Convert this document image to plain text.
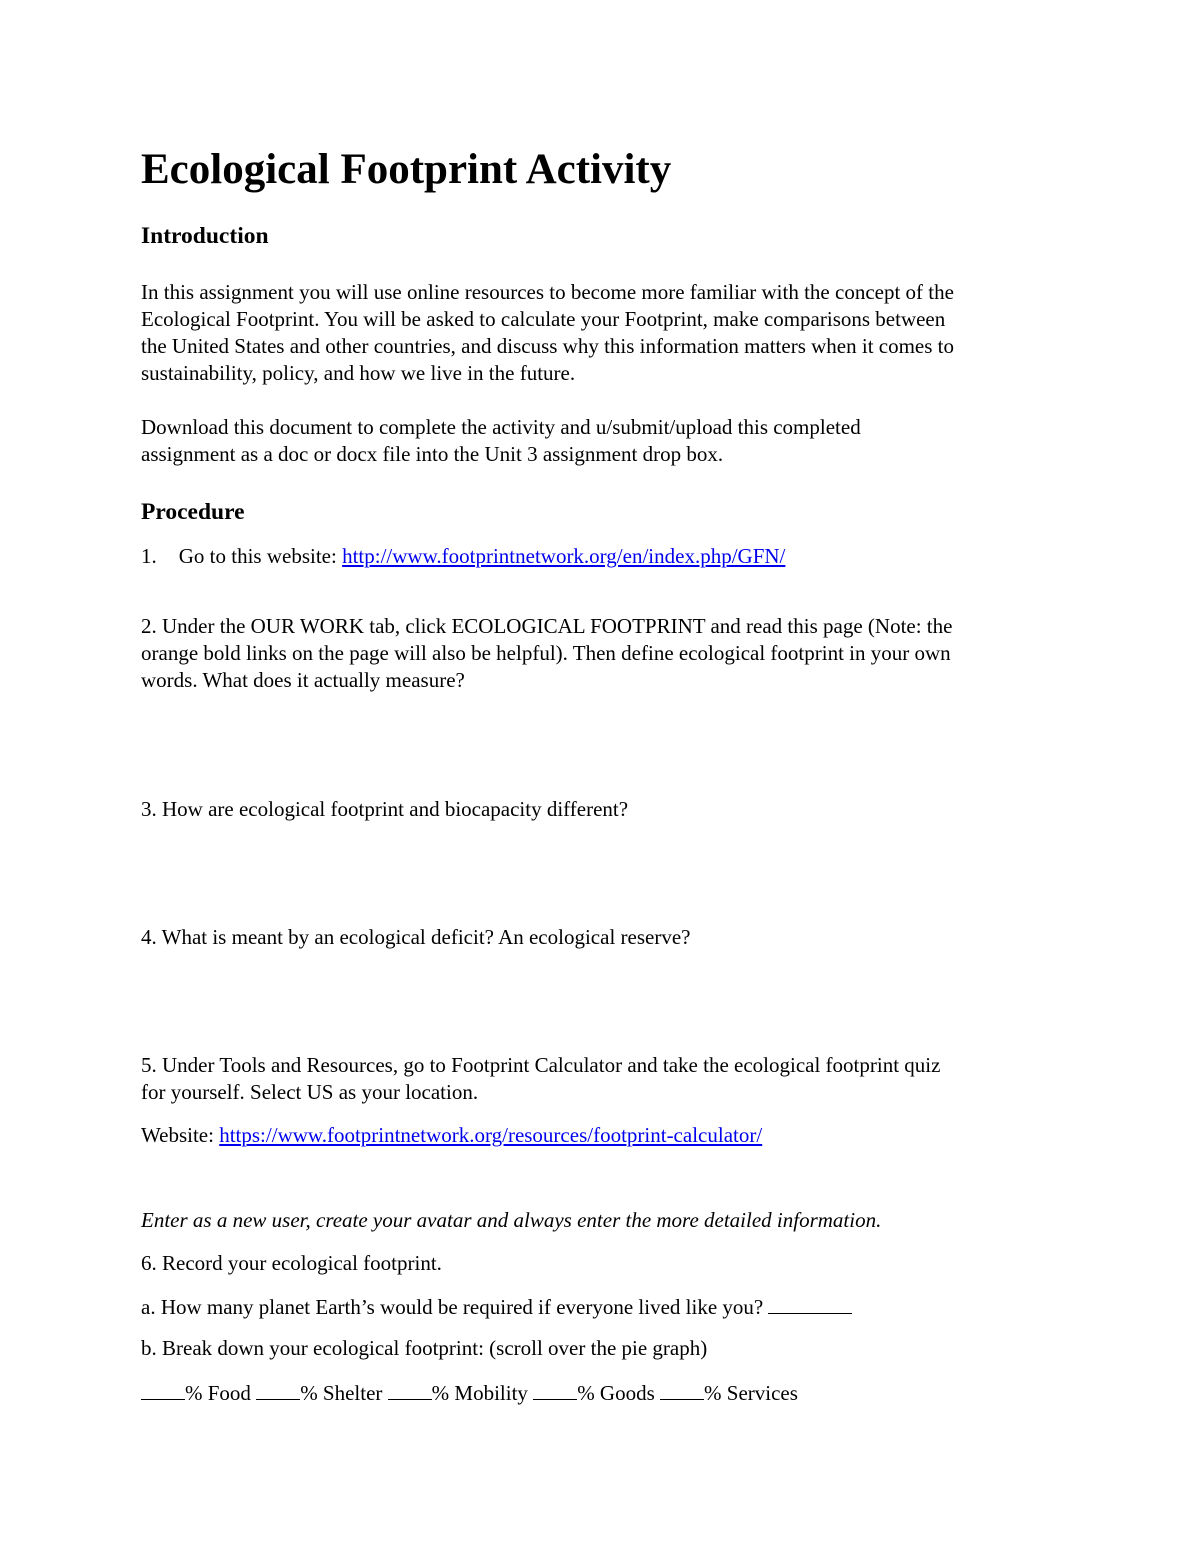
Ecological Footprint Activity
Introduction

In this assignment you will use online resources to become more familiar with the concept of the
Ecological Footprint. You will be asked to calculate your Footprint, make comparisons between
the United States and other countries, and discuss why this information matters when it comes to
sustainability, policy, and how we live in the future.

Download this document to complete the activity and u/submit/upload this completed
assignment as a doc or docx file into the Unit 3 assignment drop box.

Procedure

1. Go to this website: http://www.footprintnetwork.org/en/index.php/GFN/

2. Under the OUR WORK tab, click ECOLOGICAL FOOTPRINT and read this page (Note: the
orange bold links on the page will also be helpful). Then define ecological footprint in your own
words. What does it actually measure?

3. How are ecological footprint and biocapacity different?

4. What is meant by an ecological deficit? An ecological reserve?

5. Under Tools and Resources, go to Footprint Calculator and take the ecological footprint quiz
for yourself. Select US as your location.

Website: https://www.footprintnetwork.org/resources/footprint-calculator/

Enter as a new user, create your avatar and always enter the more detailed information.

6. Record your ecological footprint.

a. How many planet Earth’s would be required if everyone lived like you?

b. Break down your ecological footprint: (scroll over the pie graph)

% Food % Shelter % Mobility % Goods % Services
